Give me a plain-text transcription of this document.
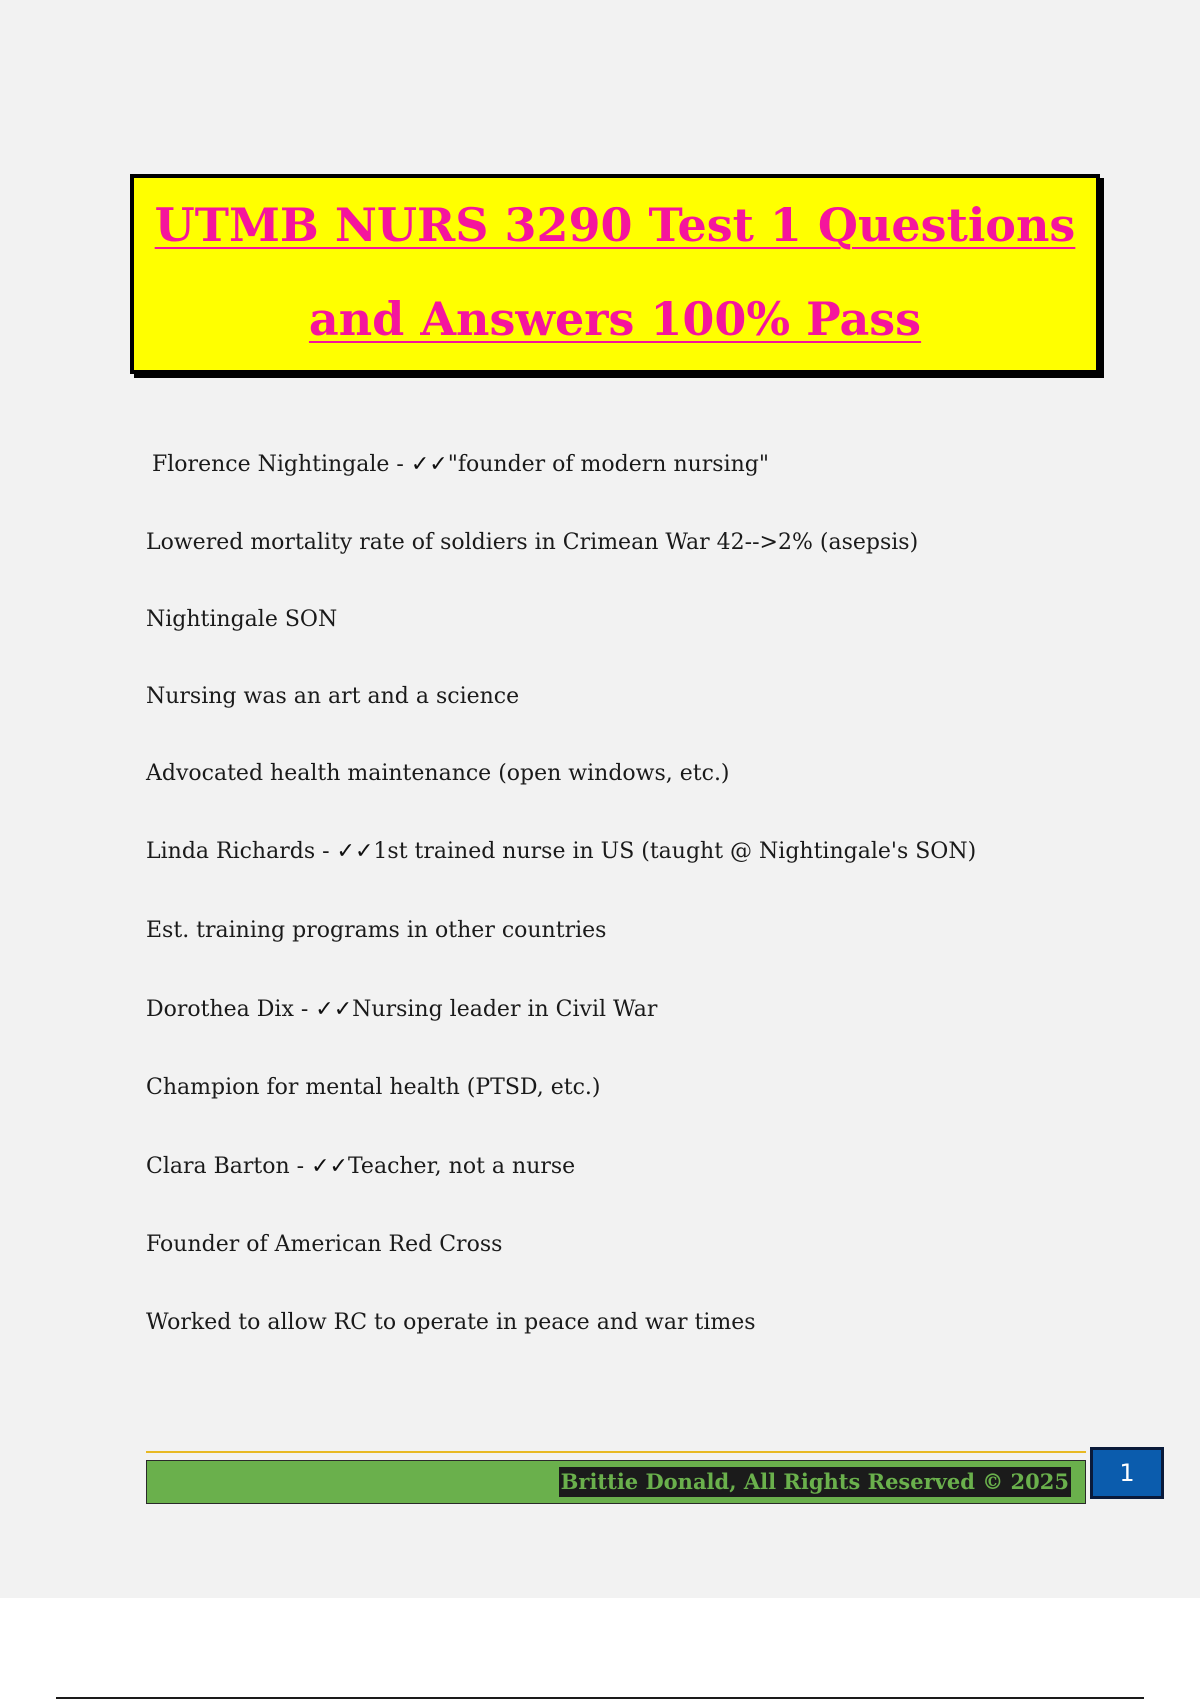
UTMB NURS 3290 Test 1 Questions
and Answers 100% Pass
Florence Nightingale - ✓✓"founder of modern nursing"
Lowered mortality rate of soldiers in Crimean War 42-->2% (asepsis)
Nightingale SON
Nursing was an art and a science
Advocated health maintenance (open windows, etc.)
Linda Richards - ✓✓1st trained nurse in US (taught @ Nightingale's SON)
Est. training programs in other countries
Dorothea Dix - ✓✓Nursing leader in Civil War
Champion for mental health (PTSD, etc.)
Clara Barton - ✓✓Teacher, not a nurse
Founder of American Red Cross
Worked to allow RC to operate in peace and war times
Brittie Donald, All Rights Reserved © 2025	1
